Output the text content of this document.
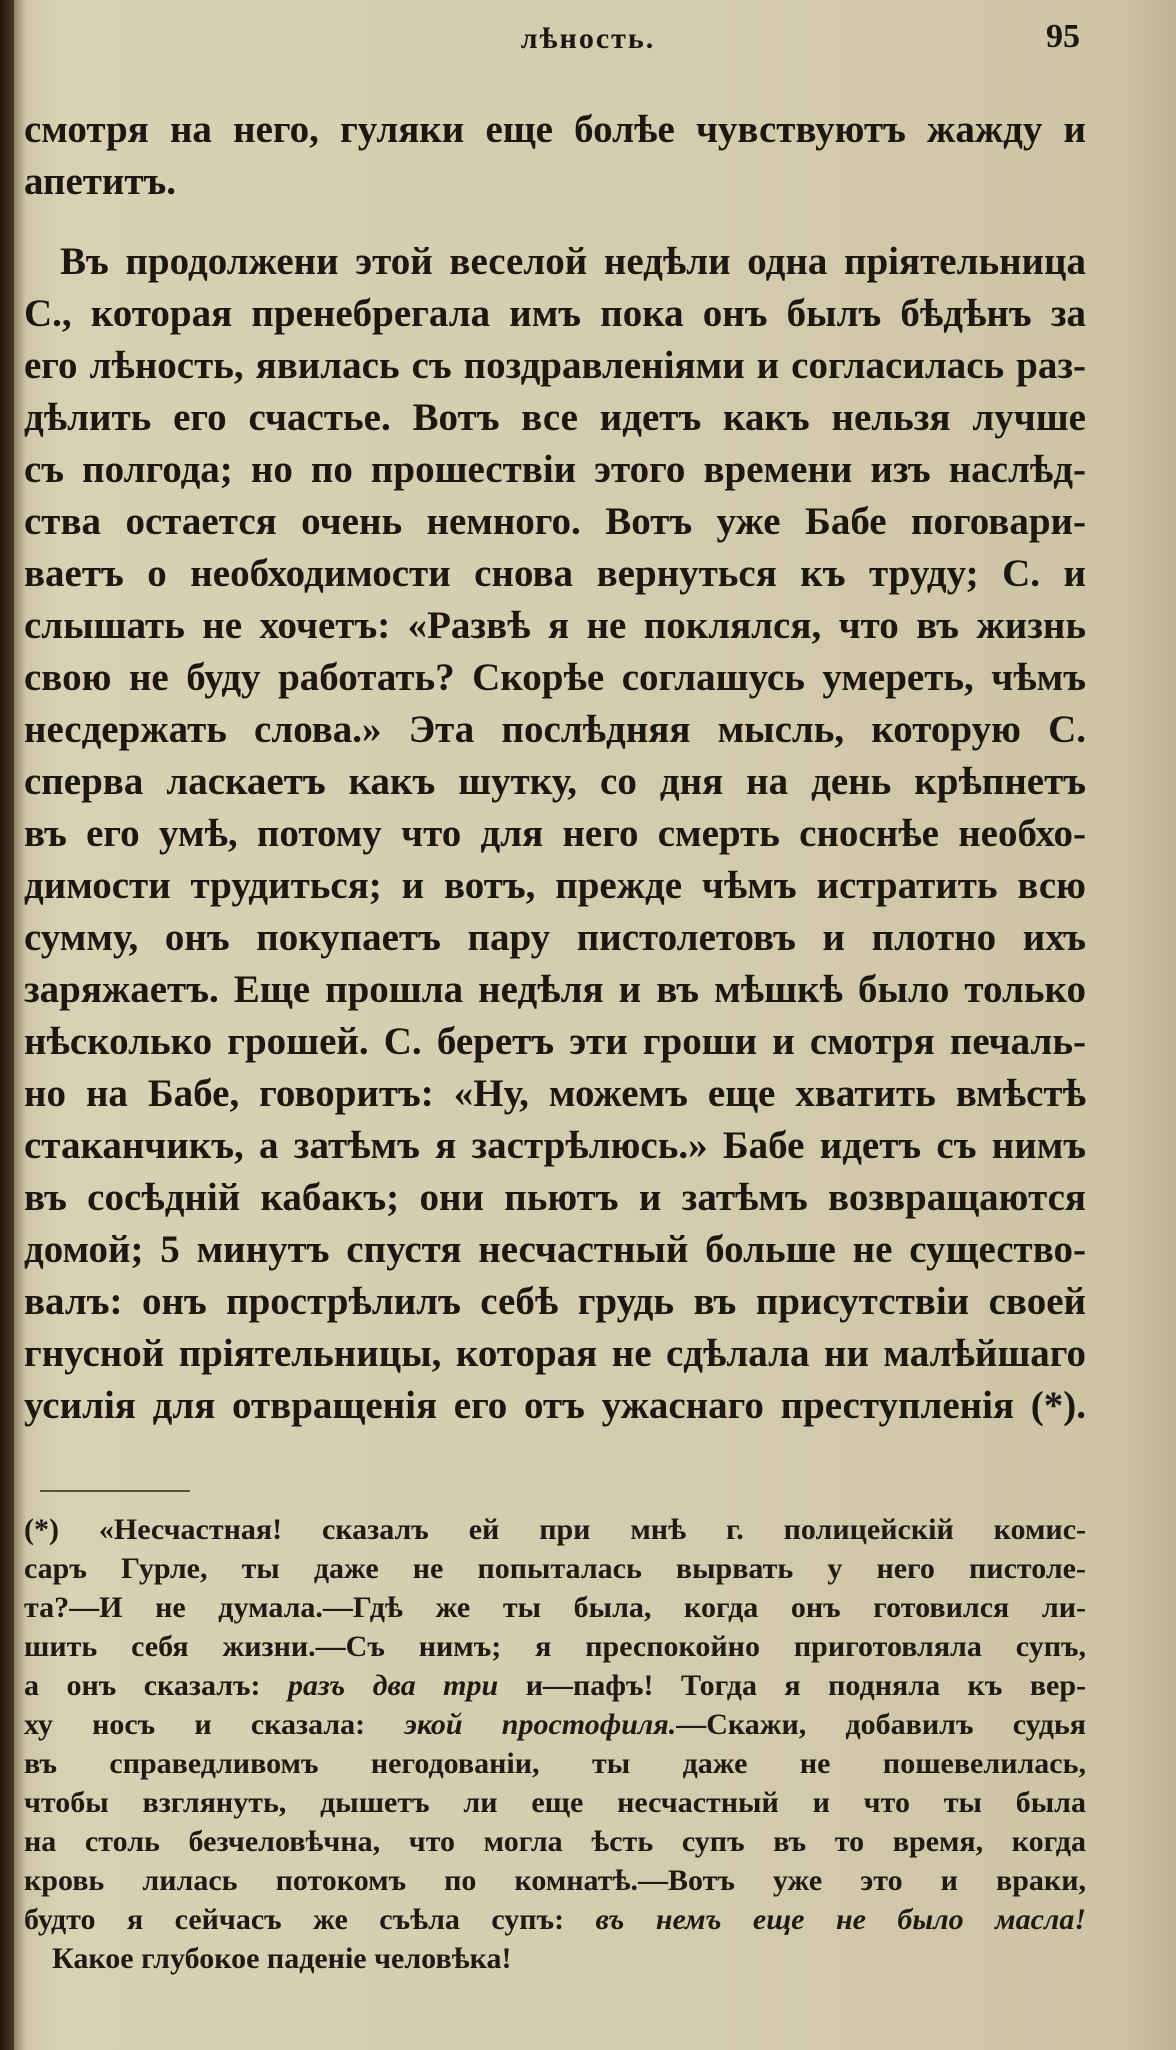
лѣность.	95
смотря на него, гуляки еще болѣе чувствуютъ жажду и
апетитъ.
Въ продолжени этой веселой недѣли одна пріятельница
С., которая пренебрегала имъ пока онъ былъ бѣдѣнъ за
его лѣность, явилась съ поздравленіями и согласилась раз-
дѣлить его счастье. Вотъ все идетъ какъ нельзя лучше
съ полгода; но по прошествіи этого времени изъ наслѣд-
ства остается очень немного. Вотъ уже Бабе поговари-
ваетъ о необходимости снова вернуться къ труду; С. и
слышать не хочетъ: «Развѣ я не поклялся, что въ жизнь
свою не буду работать? Скорѣе соглашусь умереть, чѣмъ
несдержать слова.» Эта послѣдняя мысль, которую С.
сперва ласкаетъ какъ шутку, со дня на день крѣпнетъ
въ его умѣ, потому что для него смерть сноснѣе необхо-
димости трудиться; и вотъ, прежде чѣмъ истратить всю
сумму, онъ покупаетъ пару пистолетовъ и плотно ихъ
заряжаетъ. Еще прошла недѣля и въ мѣшкѣ было только
нѣсколько грошей. С. беретъ эти гроши и смотря печаль-
но на Бабе, говоритъ: «Ну, можемъ еще хватить вмѣстѣ
стаканчикъ, а затѣмъ я застрѣлюсь.» Бабе идетъ съ нимъ
въ сосѣдній кабакъ; они пьютъ и затѣмъ возвращаются
домой; 5 минутъ спустя несчастный больше не существо-
валъ: онъ прострѣлилъ себѣ грудь въ присутствіи своей
гнусной пріятельницы, которая не сдѣлала ни малѣйшаго
усилія для отвращенія его отъ ужаснаго преступленія (*).
(*) «Несчастная! сказалъ ей при мнѣ г. полицейскій комис-
саръ Гурле, ты даже не попыталась вырвать у него пистоле-
та?—И не думала.—Гдѣ же ты была, когда онъ готовился ли-
шить себя жизни.—Съ нимъ; я преспокойно приготовляла супъ,
а онъ сказалъ: разъ два три и—пафъ! Тогда я подняла къ вер-
ху носъ и сказала: экой простофиля.—Скажи, добавилъ судья
въ справедливомъ негодованіи, ты даже не пошевелилась,
чтобы взглянуть, дышетъ ли еще несчастный и что ты была
на столь безчеловѣчна, что могла ѣсть супъ въ то время, когда
кровь лилась потокомъ по комнатѣ.—Вотъ уже это и враки,
будто я сейчасъ же съѣла супъ: въ немъ еще не было масла!
Какое глубокое паденіе человѣка!
